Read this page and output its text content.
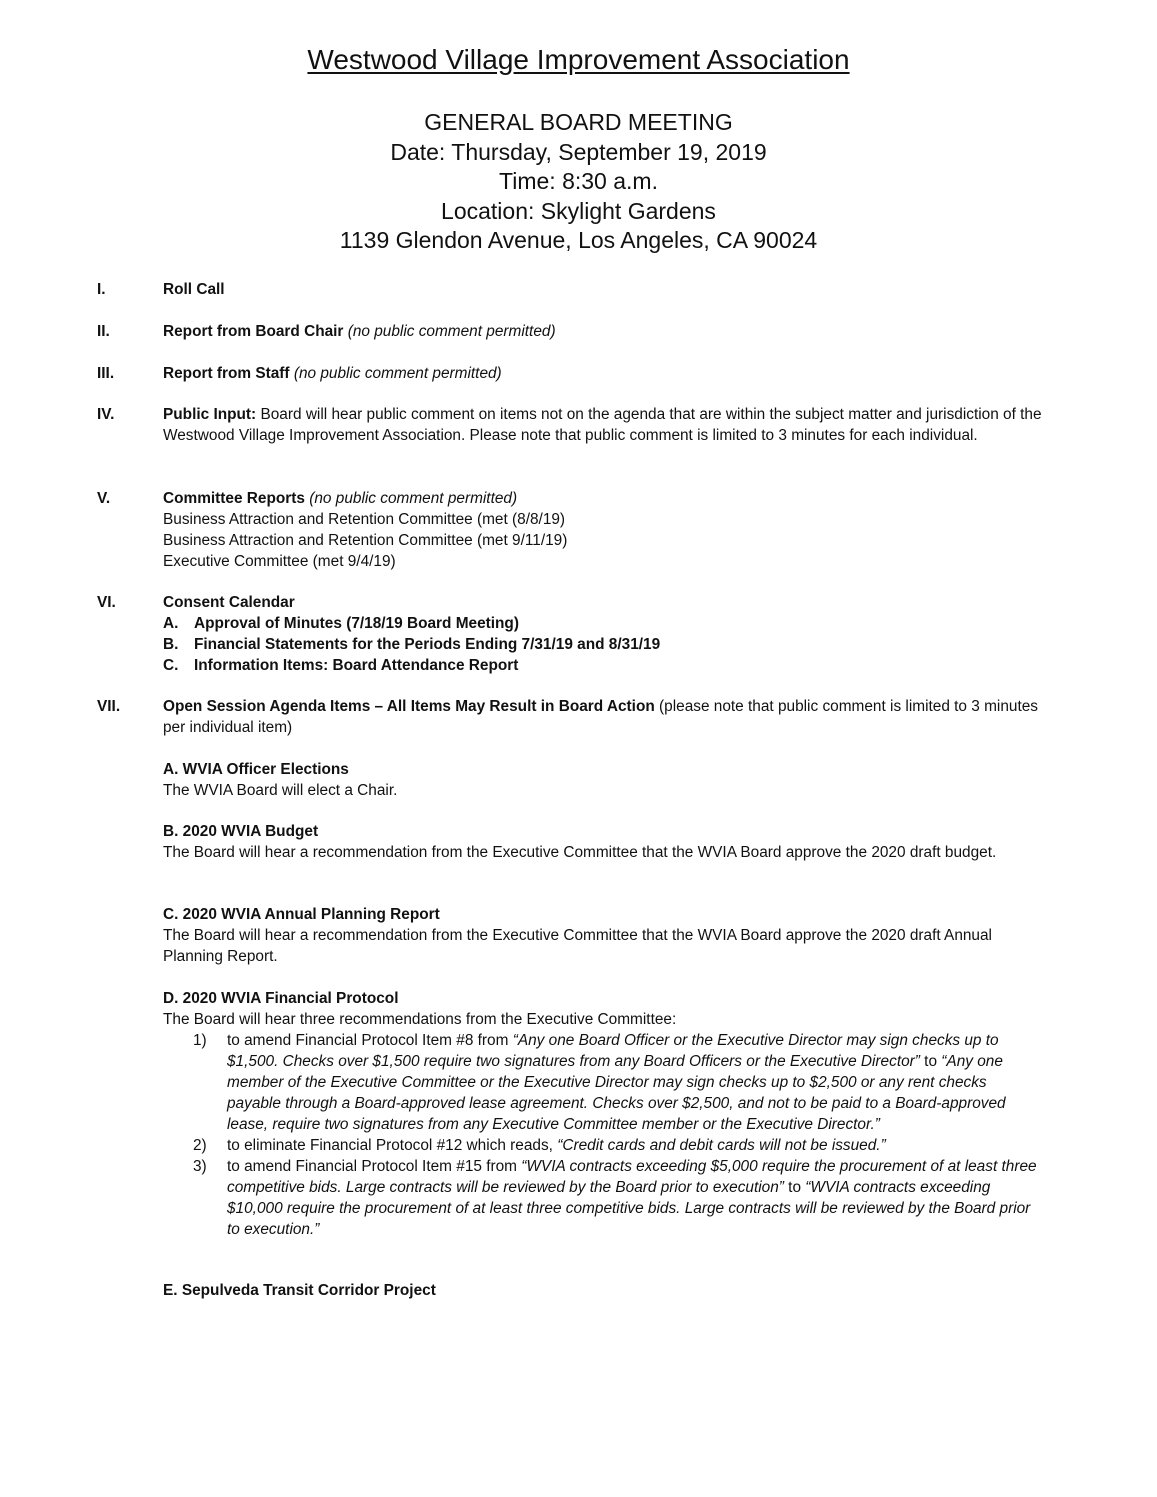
Westwood Village Improvement Association
GENERAL BOARD MEETING
Date: Thursday, September 19, 2019
Time: 8:30 a.m.
Location: Skylight Gardens
1139 Glendon Avenue, Los Angeles, CA 90024
I.	Roll Call
II.	Report from Board Chair (no public comment permitted)
III.	Report from Staff (no public comment permitted)
IV.	Public Input: Board will hear public comment on items not on the agenda that are within the subject matter and jurisdiction of the Westwood Village Improvement Association. Please note that public comment is limited to 3 minutes for each individual.
V.	Committee Reports (no public comment permitted)
Business Attraction and Retention Committee (met (8/8/19)
Business Attraction and Retention Committee (met 9/11/19)
Executive Committee (met 9/4/19)
VI.	Consent Calendar
A. Approval of Minutes (7/18/19 Board Meeting)
B. Financial Statements for the Periods Ending 7/31/19 and 8/31/19
C. Information Items: Board Attendance Report
VII.	Open Session Agenda Items – All Items May Result in Board Action (please note that public comment is limited to 3 minutes per individual item)
A. WVIA Officer Elections
The WVIA Board will elect a Chair.
B. 2020 WVIA Budget
The Board will hear a recommendation from the Executive Committee that the WVIA Board approve the 2020 draft budget.
C. 2020 WVIA Annual Planning Report
The Board will hear a recommendation from the Executive Committee that the WVIA Board approve the 2020 draft Annual Planning Report.
D. 2020 WVIA Financial Protocol
The Board will hear three recommendations from the Executive Committee:
1) to amend Financial Protocol Item #8 from “Any one Board Officer or the Executive Director may sign checks up to $1,500. Checks over $1,500 require two signatures from any Board Officers or the Executive Director” to “Any one member of the Executive Committee or the Executive Director may sign checks up to $2,500 or any rent checks payable through a Board-approved lease agreement. Checks over $2,500, and not to be paid to a Board-approved lease, require two signatures from any Executive Committee member or the Executive Director.”
2) to eliminate Financial Protocol #12 which reads, “Credit cards and debit cards will not be issued.”
3) to amend Financial Protocol Item #15 from “WVIA contracts exceeding $5,000 require the procurement of at least three competitive bids. Large contracts will be reviewed by the Board prior to execution” to “WVIA contracts exceeding $10,000 require the procurement of at least three competitive bids. Large contracts will be reviewed by the Board prior to execution.”
E. Sepulveda Transit Corridor Project
